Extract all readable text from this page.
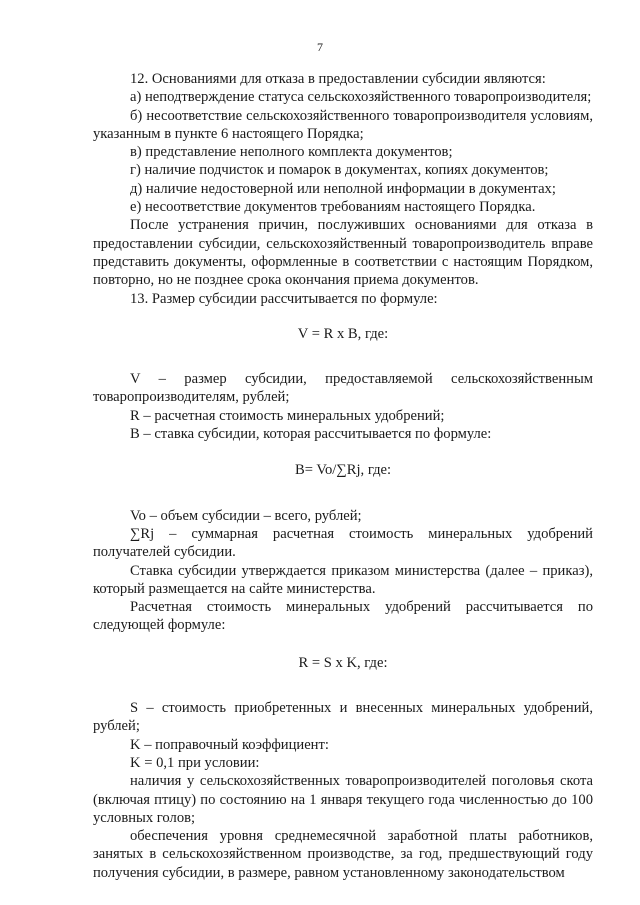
7

12. Основаниями для отказа в предоставлении субсидии являются:

а) неподтверждение статуса сельскохозяйственного товаропроизводителя;

б) несоответствие сельскохозяйственного товаропроизводителя условиям, указанным в пункте 6 настоящего Порядка;

в) представление неполного комплекта документов;

г) наличие подчисток и помарок в документах, копиях документов;

д) наличие недостоверной или неполной информации в документах;

е) несоответствие документов требованиям настоящего Порядка.

После устранения причин, послуживших основаниями для отказа в предоставлении субсидии, сельскохозяйственный товаропроизводитель вправе представить документы, оформленные в соответствии с настоящим Порядком, повторно, но не позднее срока окончания приема документов.

13. Размер субсидии рассчитывается по формуле:

V = R х B, где:

V – размер субсидии, предоставляемой сельскохозяйственным товаропроизводителям, рублей;

R – расчетная стоимость минеральных удобрений;

B – ставка субсидии, которая рассчитывается по формуле:

B= Vo/∑Rj, где:

Vo – объем субсидии – всего, рублей;

∑Rj – суммарная расчетная стоимость минеральных удобрений получателей субсидии.

Ставка субсидии утверждается приказом министерства (далее – приказ), который размещается на сайте министерства.

Расчетная стоимость минеральных удобрений рассчитывается по следующей формуле:

R = S х K, где:

S – стоимость приобретенных и внесенных минеральных удобрений, рублей;

K – поправочный коэффициент:

K = 0,1 при условии:

наличия у сельскохозяйственных товаропроизводителей поголовья скота (включая птицу) по состоянию на 1 января текущего года численностью до 100 условных голов;

обеспечения уровня среднемесячной заработной платы работников, занятых в сельскохозяйственном производстве, за год, предшествующий году получения субсидии, в размере, равном установленному законодательством
